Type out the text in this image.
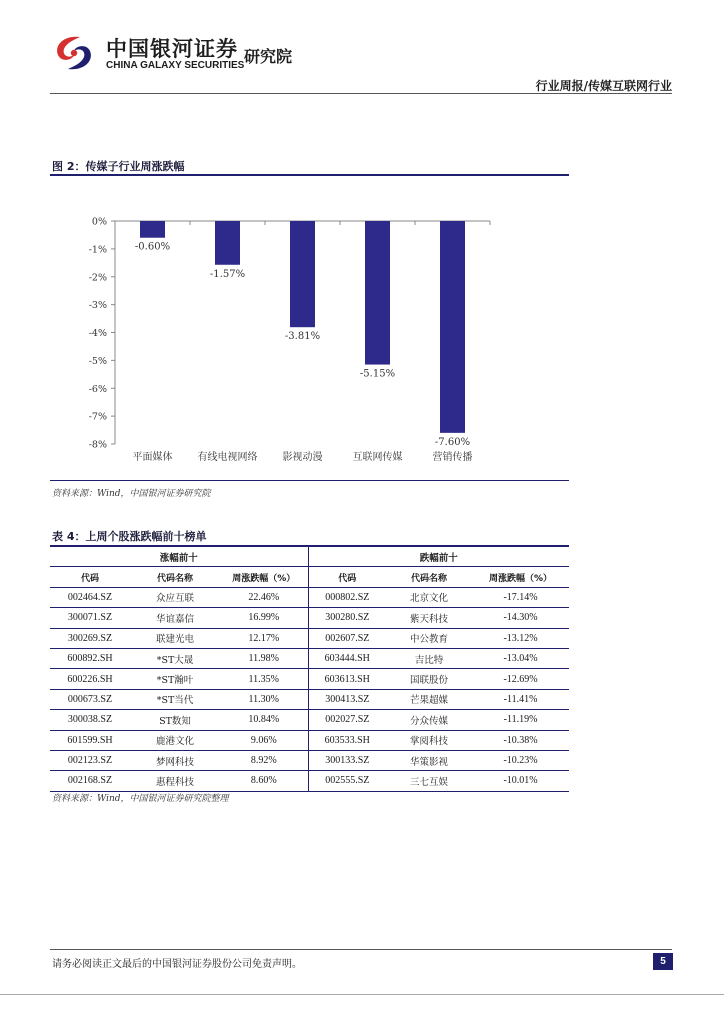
中国银河证券
CHINA GALAXY SECURITIES 研究院
行业周报/传媒互联网行业
图 2：传媒子行业周涨跌幅
0%
-1%
-2%
-3%
-4%
-5%
-6%
-7%
-8%
-0.60%
平面媒体
-1.57%
有线电视网络
-3.81%
影视动漫
-5.15%
互联网传媒
-7.60%
营销传播
资料来源：Wind，中国银河证券研究院
表 4：上周个股涨跌幅前十榜单
涨幅前十			跌幅前十		
代码	代码名称	周涨跌幅（%）	代码	代码名称	周涨跌幅（%）
002464.SZ	众应互联	22.46%	000802.SZ	北京文化	-17.14%
300071.SZ	华谊嘉信	16.99%	300280.SZ	紫天科技	-14.30%
300269.SZ	联建光电	12.17%	002607.SZ	中公教育	-13.12%
600892.SH	*ST大晟	11.98%	603444.SH	吉比特	-13.04%
600226.SH	*ST瀚叶	11.35%	603613.SH	国联股份	-12.69%
000673.SZ	*ST当代	11.30%	300413.SZ	芒果超媒	-11.41%
300038.SZ	ST数知	10.84%	002027.SZ	分众传媒	-11.19%
601599.SH	鹿港文化	9.06%	603533.SH	掌阅科技	-10.38%
002123.SZ	梦网科技	8.92%	300133.SZ	华策影视	-10.23%
002168.SZ	惠程科技	8.60%	002555.SZ	三七互娱	-10.01%
资料来源：Wind，中国银河证券研究院整理
请务必阅读正文最后的中国银河证券股份公司免责声明。	5
